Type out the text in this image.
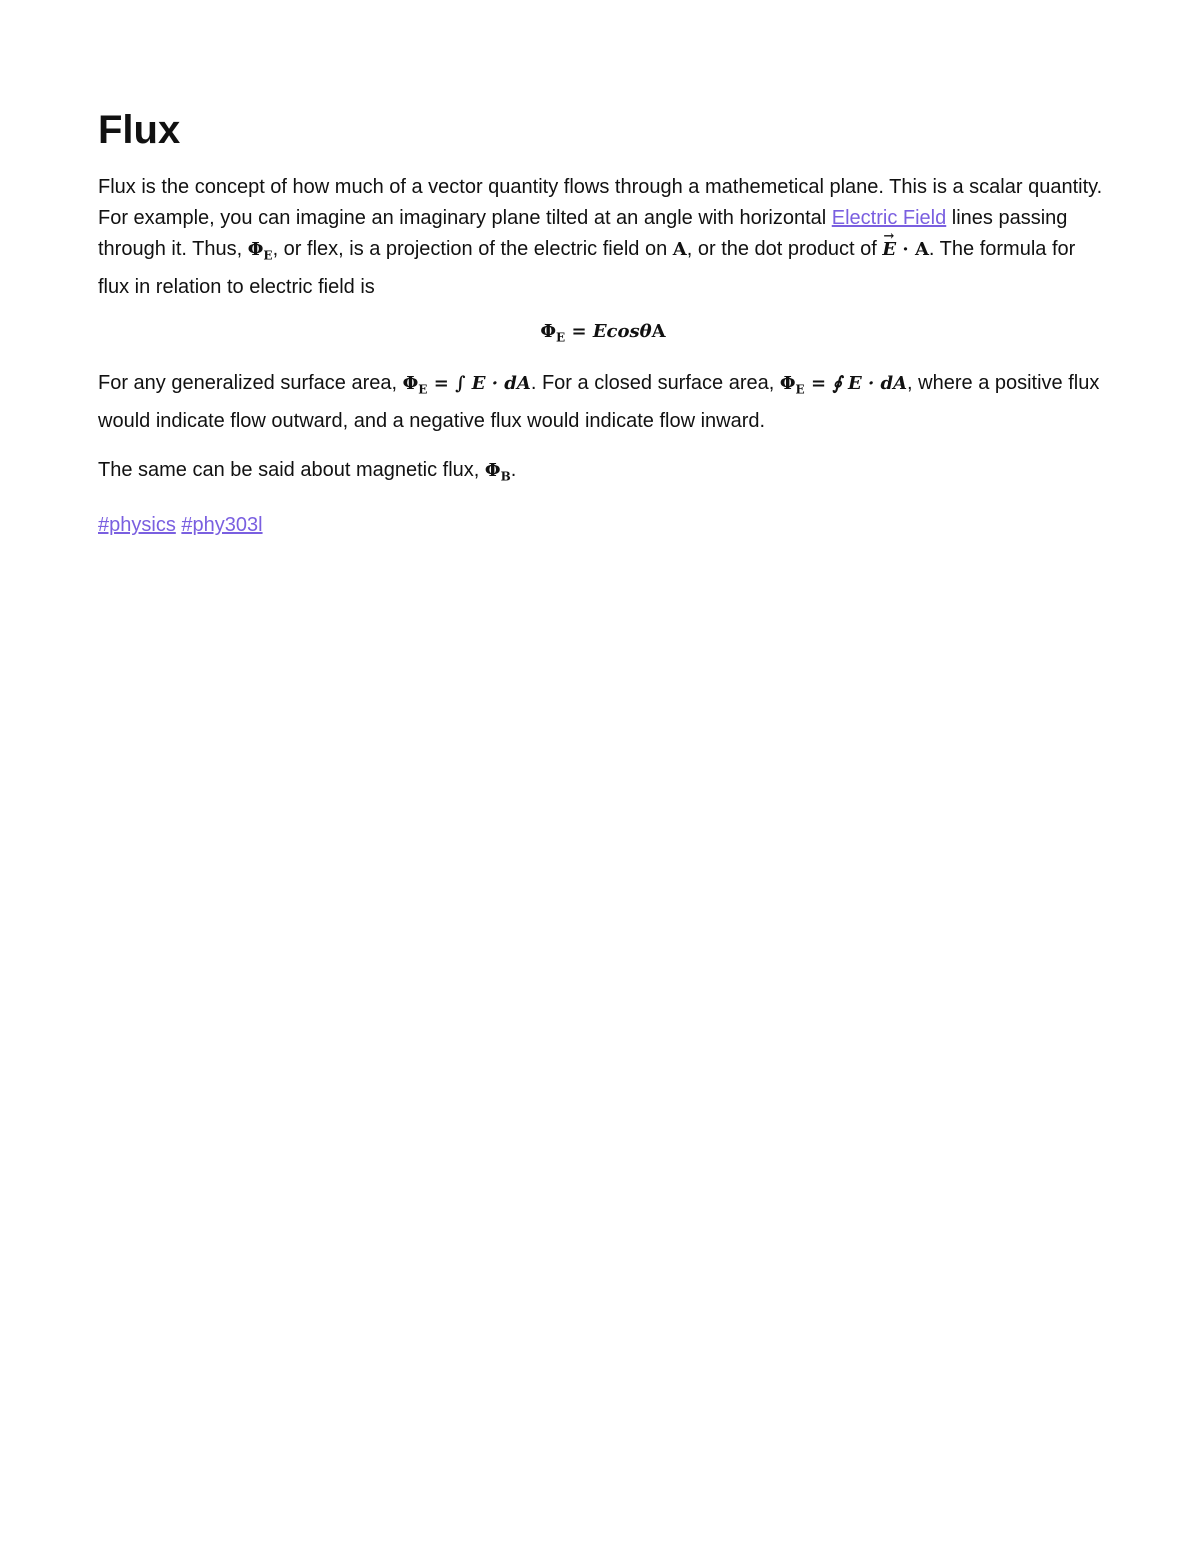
Flux

Flux is the concept of how much of a vector quantity flows through a mathemetical plane. This is a scalar quantity. For example, you can imagine an imaginary plane tilted at an angle with horizontal Electric Field lines passing through it. Thus, $\Phi_E$, or flex, is a projection of the electric field on A, or the dot product of → E · A. The formula for flux in relation to electric field is

$\Phi_E = Ecos\theta A$

For any generalized surface area, $\Phi_E$ = ∫ E · dA. For a closed surface area, $\Phi_E$ = ∮ E · dA, where a positive flux would indicate flow outward, and a negative flux would indicate flow inward.

The same can be said about magnetic flux, $\Phi_B$.

#physics #phy303l
